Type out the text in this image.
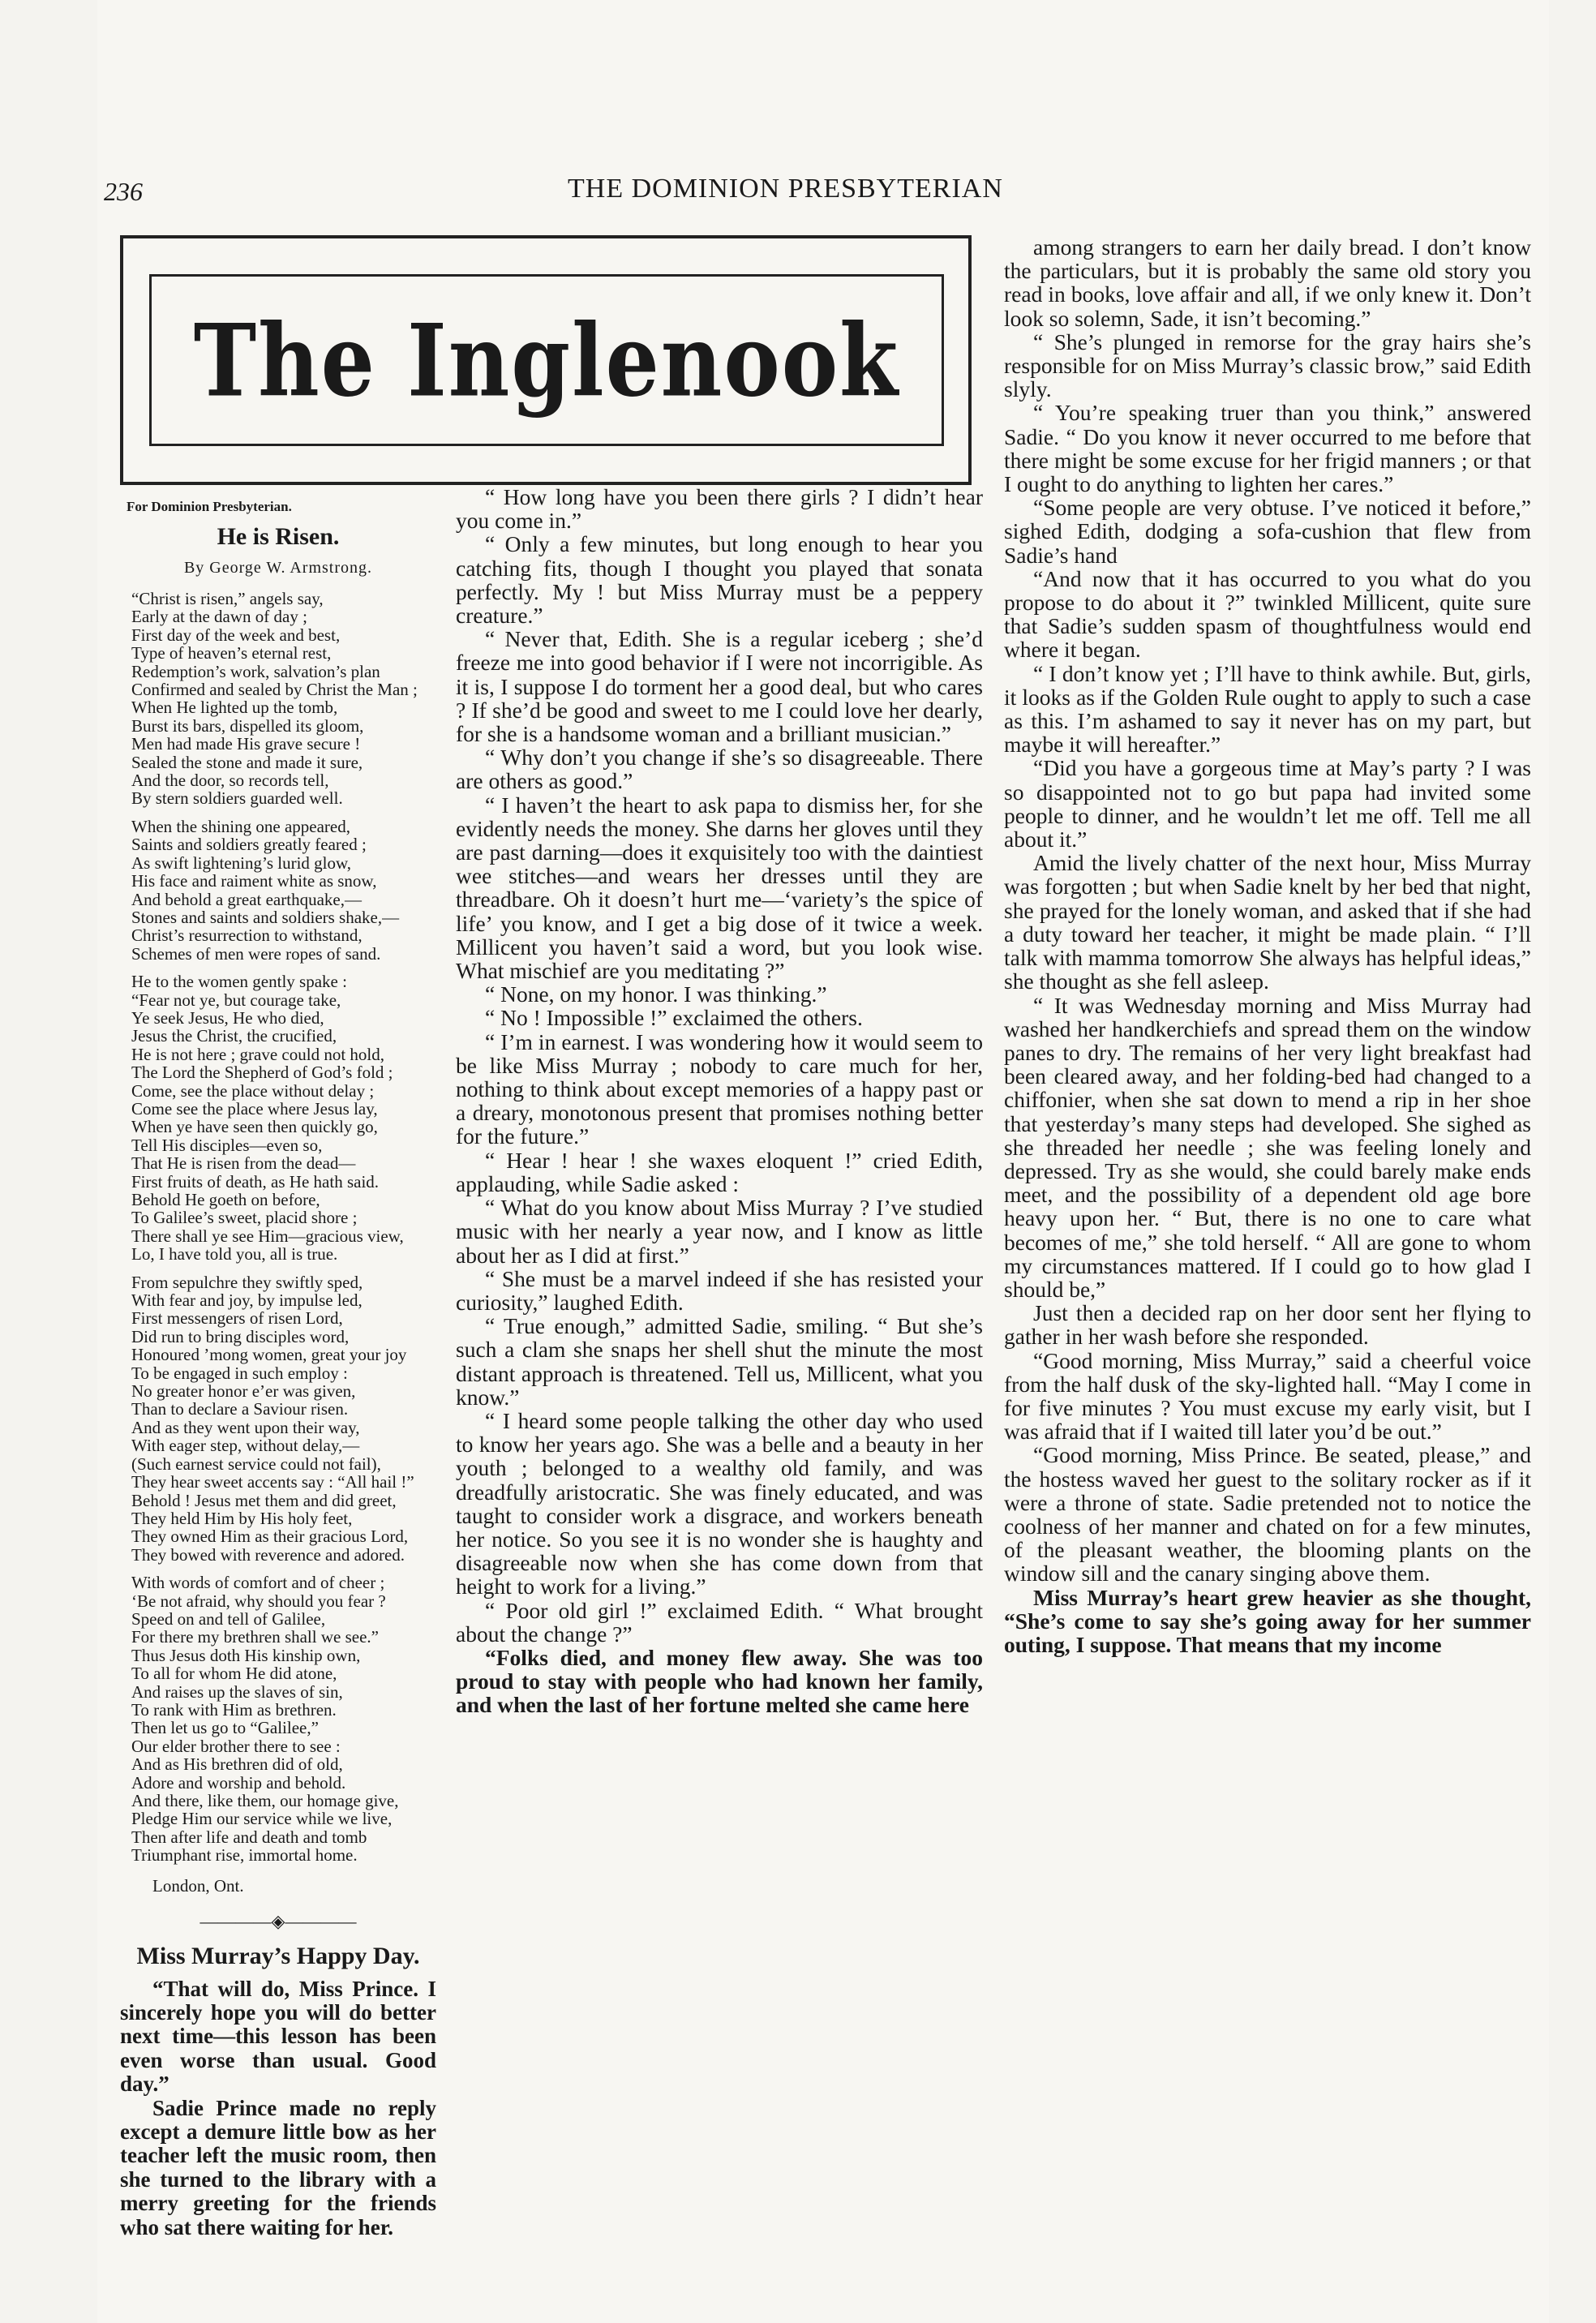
236	THE DOMINION PRESBYTERIAN
The Inglenook
For Dominion Presbyterian.
He is Risen.
By George W. Armstrong.
“Christ is risen,” angels say,
Early at the dawn of day ;
First day of the week and best,
Type of heaven’s eternal rest,
Redemption’s work, salvation’s plan
Confirmed and sealed by Christ the Man ;
When He lighted up the tomb,
Burst its bars, dispelled its gloom,
Men had made His grave secure !
Sealed the stone and made it sure,
And the door, so records tell,
By stern soldiers guarded well.
When the shining one appeared,
Saints and soldiers greatly feared ;
As swift lightening’s lurid glow,
His face and raiment white as snow,
And behold a great earthquake,—
Stones and saints and soldiers shake,—
Christ’s resurrection to withstand,
Schemes of men were ropes of sand.
He to the women gently spake :
“Fear not ye, but courage take,
Ye seek Jesus, He who died,
Jesus the Christ, the crucified,
He is not here ; grave could not hold,
The Lord the Shepherd of God’s fold ;
Come, see the place without delay ;
Come see the place where Jesus lay,
When ye have seen then quickly go,
Tell His disciples—even so,
That He is risen from the dead—
First fruits of death, as He hath said.
Behold He goeth on before,
To Galilee’s sweet, placid shore ;
There shall ye see Him—gracious view,
Lo, I have told you, all is true.
From sepulchre they swiftly sped,
With fear and joy, by impulse led,
First messengers of risen Lord,
Did run to bring disciples word,
Honoured ’mong women, great your joy
To be engaged in such employ :
No greater honor e’er was given,
Than to declare a Saviour risen.
And as they went upon their way,
With eager step, without delay,—
(Such earnest service could not fail),
They hear sweet accents say : “All hail !”
Behold ! Jesus met them and did greet,
They held Him by His holy feet,
They owned Him as their gracious Lord,
They bowed with reverence and adored.
With words of comfort and of cheer ;
‘Be not afraid, why should you fear ?
Speed on and tell of Galilee,
For there my brethren shall we see.”
Thus Jesus doth His kinship own,
To all for whom He did atone,
And raises up the slaves of sin,
To rank with Him as brethren.
Then let us go to “Galilee,”
Our elder brother there to see :
And as His brethren did of old,
Adore and worship and behold.
And there, like them, our homage give,
Pledge Him our service while we live,
Then after life and death and tomb
Triumphant rise, immortal home.
London, Ont.
————◈————
Miss Murray’s Happy Day.

“That will do, Miss Prince. I sincerely hope you will do better next time—this lesson has been even worse than usual. Good day.”

Sadie Prince made no reply except a demure little bow as her teacher left the music room, then she turned to the library with a merry greeting for the friends who sat there waiting for her.

“ How long have you been there girls ? I didn’t hear you come in.”

“ Only a few minutes, but long enough to hear you catching fits, though I thought you played that sonata perfectly. My ! but Miss Murray must be a peppery creature.”

“ Never that, Edith. She is a regular iceberg ; she’d freeze me into good behavior if I were not incorrigible. As it is, I suppose I do torment her a good deal, but who cares ? If she’d be good and sweet to me I could love her dearly, for she is a handsome woman and a brilliant musician.”

“ Why don’t you change if she’s so disagreeable. There are others as good.”

“ I haven’t the heart to ask papa to dismiss her, for she evidently needs the money. She darns her gloves until they are past darning—does it exquisitely too with the daintiest wee stitches—and wears her dresses until they are threadbare. Oh it doesn’t hurt me—‘variety’s the spice of life’ you know, and I get a big dose of it twice a week. Millicent you haven’t said a word, but you look wise. What mischief are you meditating ?”

“ None, on my honor. I was thinking.”

“ No ! Impossible !” exclaimed the others.

“ I’m in earnest. I was wondering how it would seem to be like Miss Murray ; nobody to care much for her, nothing to think about except memories of a happy past or a dreary, monotonous present that promises nothing better for the future.”

“ Hear ! hear ! she waxes eloquent !” cried Edith, applauding, while Sadie asked :

“ What do you know about Miss Murray ? I’ve studied music with her nearly a year now, and I know as little about her as I did at first.”

“ She must be a marvel indeed if she has resisted your curiosity,” laughed Edith.

“ True enough,” admitted Sadie, smiling. “ But she’s such a clam she snaps her shell shut the minute the most distant approach is threatened. Tell us, Millicent, what you know.”

“ I heard some people talking the other day who used to know her years ago. She was a belle and a beauty in her youth ; belonged to a wealthy old family, and was dreadfully aristocratic. She was finely educated, and was taught to consider work a disgrace, and workers beneath her notice. So you see it is no wonder she is haughty and disagreeable now when she has come down from that height to work for a living.”

“ Poor old girl !” exclaimed Edith. “ What brought about the change ?”

“Folks died, and money flew away. She was too proud to stay with people who had known her family, and when the last of her fortune melted she came here

among strangers to earn her daily bread. I don’t know the particulars, but it is probably the same old story you read in books, love affair and all, if we only knew it. Don’t look so solemn, Sade, it isn’t becoming.”

“ She’s plunged in remorse for the gray hairs she’s responsible for on Miss Murray’s classic brow,” said Edith slyly.

“ You’re speaking truer than you think,” answered Sadie. “ Do you know it never occurred to me before that there might be some excuse for her frigid manners ; or that I ought to do anything to lighten her cares.”

“Some people are very obtuse. I’ve noticed it before,” sighed Edith, dodging a sofa-cushion that flew from Sadie’s hand

“And now that it has occurred to you what do you propose to do about it ?” twinkled Millicent, quite sure that Sadie’s sudden spasm of thoughtfulness would end where it began.

“ I don’t know yet ; I’ll have to think awhile. But, girls, it looks as if the Golden Rule ought to apply to such a case as this. I’m ashamed to say it never has on my part, but maybe it will hereafter.”

“Did you have a gorgeous time at May’s party ? I was so disappointed not to go but papa had invited some people to dinner, and he wouldn’t let me off. Tell me all about it.”

Amid the lively chatter of the next hour, Miss Murray was forgotten ; but when Sadie knelt by her bed that night, she prayed for the lonely woman, and asked that if she had a duty toward her teacher, it might be made plain. “ I’ll talk with mamma tomorrow She always has helpful ideas,” she thought as she fell asleep.

“ It was Wednesday morning and Miss Murray had washed her handkerchiefs and spread them on the window panes to dry. The remains of her very light breakfast had been cleared away, and her folding-bed had changed to a chiffonier, when she sat down to mend a rip in her shoe that yesterday’s many steps had developed. She sighed as she threaded her needle ; she was feeling lonely and depressed. Try as she would, she could barely make ends meet, and the possibility of a dependent old age bore heavy upon her. “ But, there is no one to care what becomes of me,” she told herself. “ All are gone to whom my circumstances mattered. If I could go to how glad I should be,”

Just then a decided rap on her door sent her flying to gather in her wash before she responded.

“Good morning, Miss Murray,” said a cheerful voice from the half dusk of the sky-lighted hall. “May I come in for five minutes ? You must excuse my early visit, but I was afraid that if I waited till later you’d be out.”

“Good morning, Miss Prince. Be seated, please,” and the hostess waved her guest to the solitary rocker as if it were a throne of state. Sadie pretended not to notice the coolness of her manner and chated on for a few minutes, of the pleasant weather, the blooming plants on the window sill and the canary singing above them.

Miss Murray’s heart grew heavier as she thought, “She’s come to say she’s going away for her summer outing, I suppose. That means that my income
